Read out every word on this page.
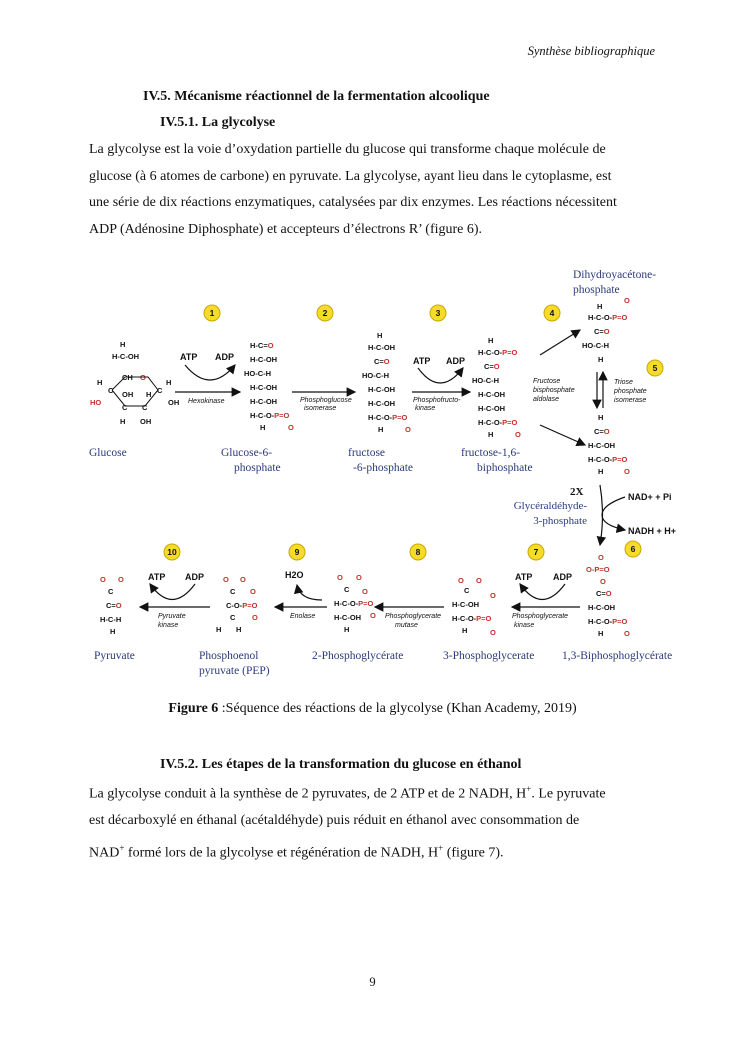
Synthèse bibliographique
IV.5. Mécanisme réactionnel de la fermentation alcoolique
IV.5.1. La glycolyse
La glycolyse est la voie d’oxydation partielle du glucose qui transforme chaque molécule de
glucose (à 6 atomes de carbone) en pyruvate. La glycolyse, ayant lieu dans le cytoplasme, est
une série de dix réactions enzymatiques, catalysées par dix enzymes. Les réactions nécessitent
ADP (Adénosine Diphosphate) et accepteurs d’électrons R’ (figure 6).
1	2	3	4
5
6
7
8
9
10
H
H-C-OH
CH O
H	H
C	C
OH H
HO	OH
C C
H OH
ATP ADP
Hexokinase
H-C=O
H-C-OH
HO-C-H
H-C-OH
H-C-OH
H-C-O-P=O
H	O
Phosphoglucose
isomerase
H
H-C-OH
C=O
HO-C-H
H-C-OH
H-C-OH
H-C-O-P=O
H	O
ATP ADP
Phosphofructo-
kinase
H
H-C-O-P=O
C=O
HO-C-H
H-C-OH
H-C-OH
H-C-O-P=O
H	O
Fructose
bisphosphate
aldolase
H
O
H-C-O-P=O
C=O
HO-C-H
H
Triose
phosphate
isomerase
H
C=O
H-C-OH
H-C-O-P=O
H	O
NAD+ + Pi
NADH + H+
O
O-P=O
O
C=O
H-C-OH
H-C-O-P=O
H	O
ATP ADP
Phosphoglycerate
kinase
O O
C
H-C-OH
O
H-C-O-P=O
H	O
Phosphoglycerate
mutase
O O
C O
H-C-O-P=O
H-C-OH
H
O
H2O
Enolase
O O
C O
C-O-P=O
C
H H
O
ATP ADP
Pyruvate
kinase
O O
C
C=O
H-C-H
H
Dihydroyacétone-
phosphate
Glucose	Glucose-6-
phosphate
fructose
-6-phosphate
fructose-1,6-
biphosphate
2X
Glycéraldéhyde-
3-phosphate
Pyruvate	Phosphoenol
pyruvate (PEP)
2-Phosphoglycérate	3-Phosphoglycerate 1,3-Biphosphoglycérate
Figure 6 :Séquence des réactions de la glycolyse (Khan Academy, 2019)
IV.5.2. Les étapes de la transformation du glucose en éthanol
La glycolyse conduit à la synthèse de 2 pyruvates, de 2 ATP et de 2 NADH, H+. Le pyruvate
est décarboxylé en éthanal (acétaldéhyde) puis réduit en éthanol avec consommation de
NAD+ formé lors de la glycolyse et régénération de NADH, H+ (figure 7).
9
